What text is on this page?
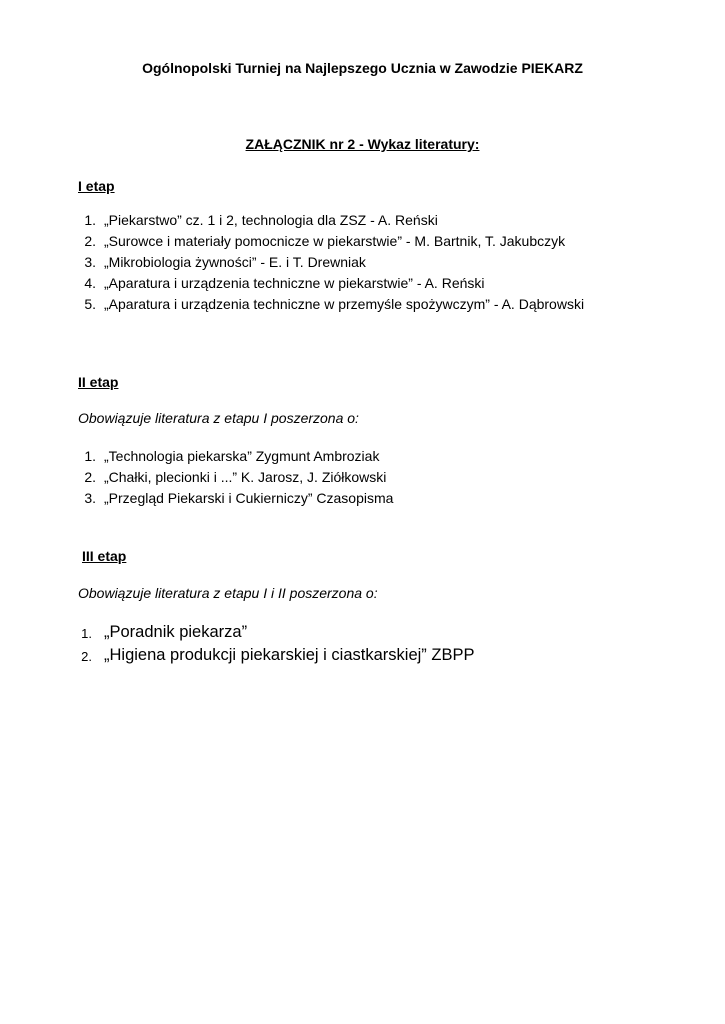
Ogólnopolski Turniej na Najlepszego Ucznia w Zawodzie PIEKARZ
ZAŁĄCZNIK nr 2 - Wykaz literatury:
I etap
1. „Piekarstwo” cz. 1 i 2, technologia dla ZSZ - A. Reński
2. „Surowce i materiały pomocnicze w piekarstwie” - M. Bartnik, T. Jakubczyk
3. „Mikrobiologia żywności” - E. i T. Drewniak
4. „Aparatura i urządzenia techniczne w piekarstwie” - A. Reński
5. „Aparatura i urządzenia techniczne w przemyśle spożywczym” - A. Dąbrowski
II etap
Obowiązuje literatura z etapu I poszerzona o:
1. „Technologia piekarska” Zygmunt Ambroziak
2. „Chałki, plecionki i ...” K. Jarosz, J. Ziółkowski
3. „Przegląd Piekarski i Cukierniczy” Czasopisma
III etap
Obowiązuje literatura z etapu I i II poszerzona o:
1. „Poradnik piekarza”
2. „Higiena produkcji piekarskiej i ciastkarskiej” ZBPP
